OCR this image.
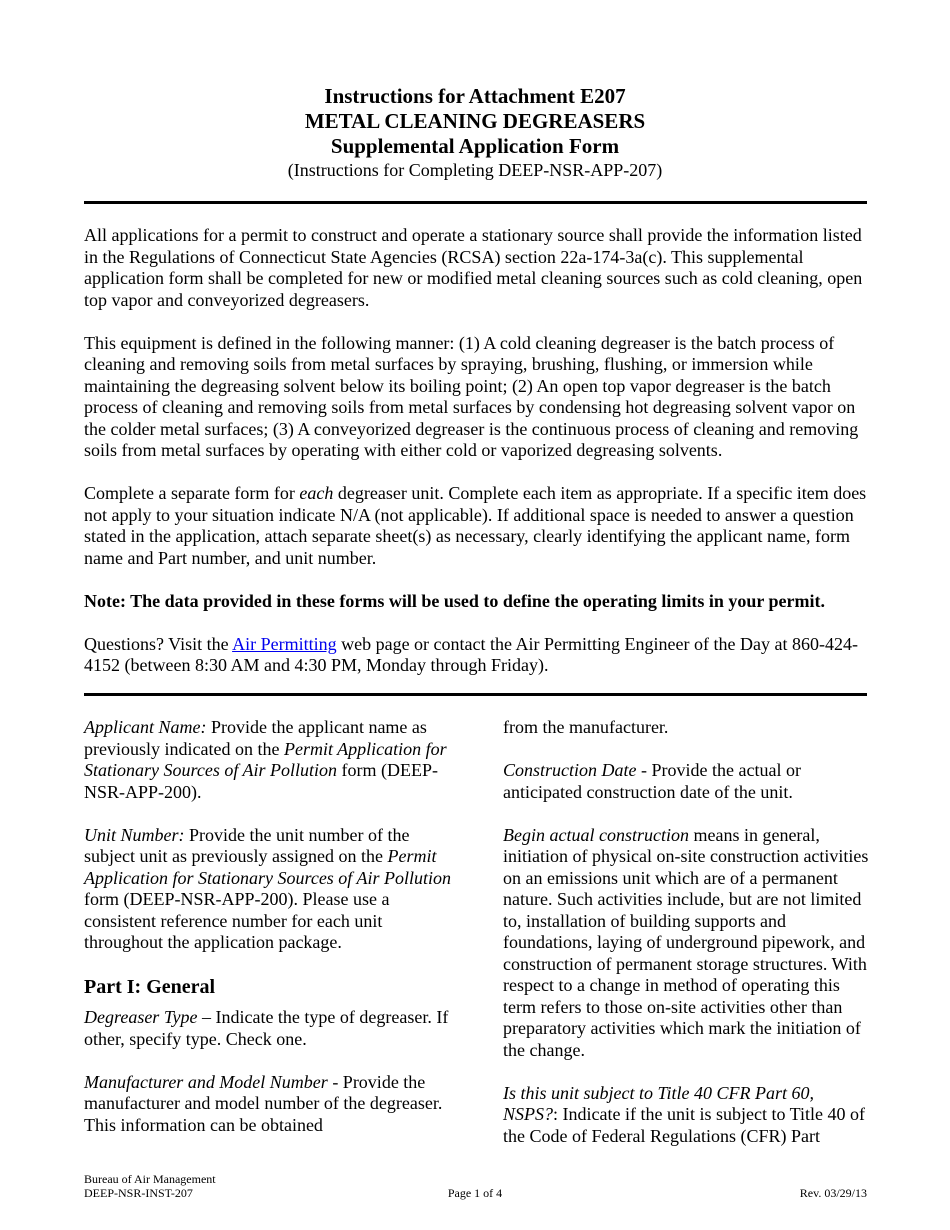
Instructions for Attachment E207
METAL CLEANING DEGREASERS
Supplemental Application Form
(Instructions for Completing DEEP-NSR-APP-207)

All applications for a permit to construct and operate a stationary source shall provide the information listed in the Regulations of Connecticut State Agencies (RCSA) section 22a-174-3a(c). This supplemental application form shall be completed for new or modified metal cleaning sources such as cold cleaning, open top vapor and conveyorized degreasers.

This equipment is defined in the following manner: (1) A cold cleaning degreaser is the batch process of cleaning and removing soils from metal surfaces by spraying, brushing, flushing, or immersion while maintaining the degreasing solvent below its boiling point; (2) An open top vapor degreaser is the batch process of cleaning and removing soils from metal surfaces by condensing hot degreasing solvent vapor on the colder metal surfaces; (3) A conveyorized degreaser is the continuous process of cleaning and removing soils from metal surfaces by operating with either cold or vaporized degreasing solvents.

Complete a separate form for each degreaser unit. Complete each item as appropriate. If a specific item does not apply to your situation indicate N/A (not applicable). If additional space is needed to answer a question stated in the application, attach separate sheet(s) as necessary, clearly identifying the applicant name, form name and Part number, and unit number.

Note: The data provided in these forms will be used to define the operating limits in your permit.

Questions? Visit the Air Permitting web page or contact the Air Permitting Engineer of the Day at 860-424-4152 (between 8:30 AM and 4:30 PM, Monday through Friday).

Applicant Name: Provide the applicant name as previously indicated on the Permit Application for Stationary Sources of Air Pollution form (DEEP-NSR-APP-200).

Unit Number: Provide the unit number of the subject unit as previously assigned on the Permit Application for Stationary Sources of Air Pollution form (DEEP-NSR-APP-200). Please use a consistent reference number for each unit throughout the application package.

Part I: General

Degreaser Type – Indicate the type of degreaser. If other, specify type. Check one.

Manufacturer and Model Number - Provide the manufacturer and model number of the degreaser. This information can be obtained

from the manufacturer.

Construction Date - Provide the actual or anticipated construction date of the unit.

Begin actual construction means in general, initiation of physical on-site construction activities on an emissions unit which are of a permanent nature. Such activities include, but are not limited to, installation of building supports and foundations, laying of underground pipework, and construction of permanent storage structures. With respect to a change in method of operating this term refers to those on-site activities other than preparatory activities which mark the initiation of the change.

Is this unit subject to Title 40 CFR Part 60, NSPS?: Indicate if the unit is subject to Title 40 of the Code of Federal Regulations (CFR) Part

Bureau of Air Management
DEEP-NSR-INST-207	Page 1 of 4	Rev. 03/29/13
